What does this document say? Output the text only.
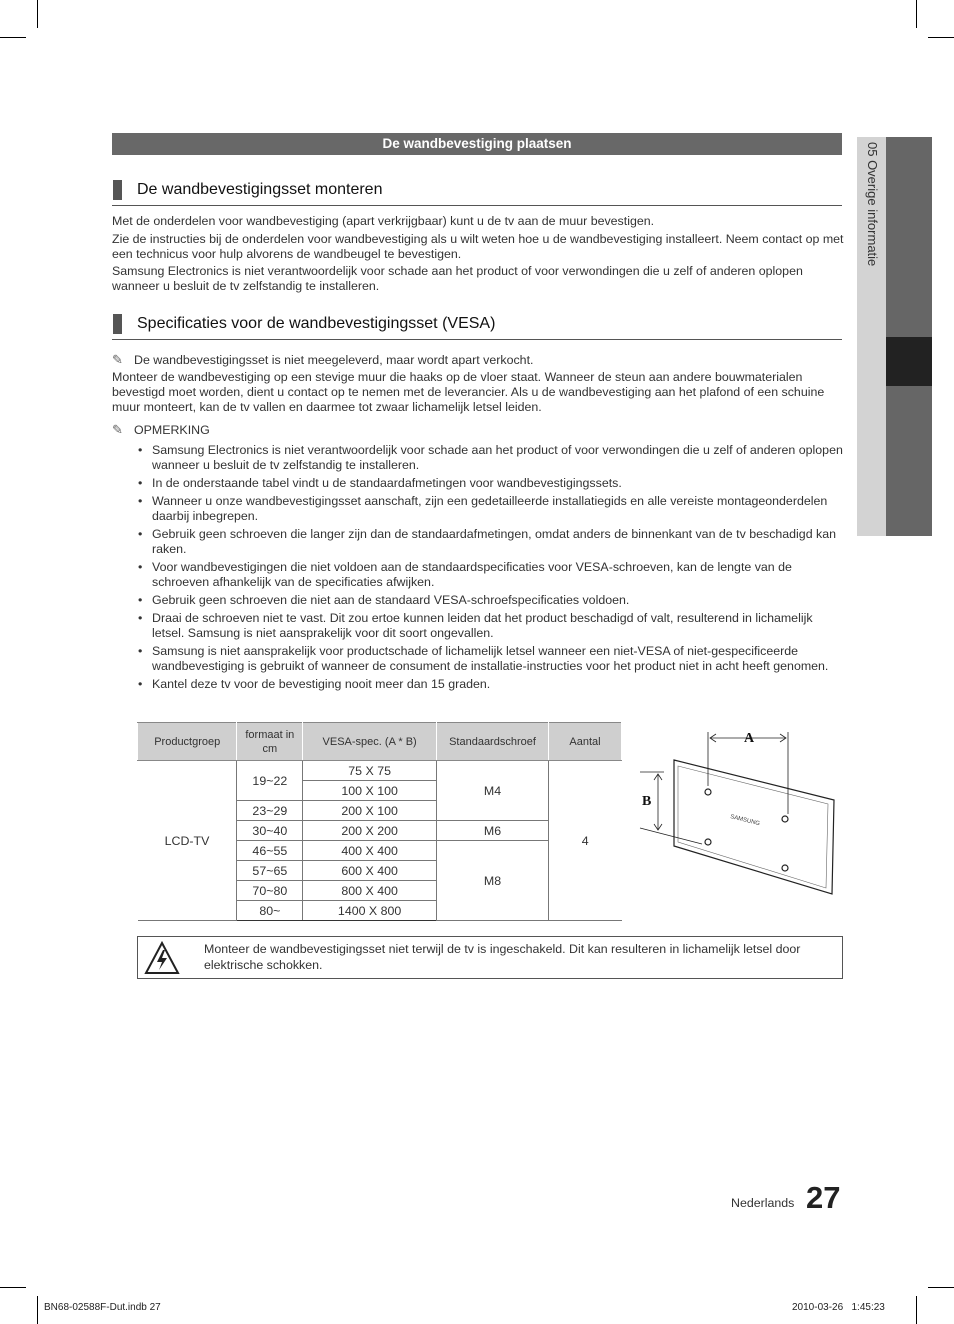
05 Overige informatie
De wandbevestiging plaatsen
De wandbevestigingsset monteren

Met de onderdelen voor wandbevestiging (apart verkrijgbaar) kunt u de tv aan de muur bevestigen.

Zie de instructies bij de onderdelen voor wandbevestiging als u wilt weten hoe u de wandbevestiging installeert. Neem contact op met een technicus voor hulp alvorens de wandbeugel te bevestigen.

Samsung Electronics is niet verantwoordelijk voor schade aan het product of voor verwondingen die u zelf of anderen oplopen wanneer u besluit de tv zelfstandig te installeren.

Specificaties voor de wandbevestigingsset (VESA)

✎ De wandbevestigingsset is niet meegeleverd, maar wordt apart verkocht.

Monteer de wandbevestiging op een stevige muur die haaks op de vloer staat. Wanneer de steun aan andere bouwmaterialen bevestigd moet worden, dient u contact op te nemen met de leverancier. Als u de wandbevestiging aan het plafond of een schuine muur monteert, kan de tv vallen en daarmee tot zwaar lichamelijk letsel leiden.

✎ OPMERKING

• Samsung Electronics is niet verantwoordelijk voor schade aan het product of voor verwondingen die u zelf of anderen oplopen wanneer u besluit de tv zelfstandig te installeren.
• In de onderstaande tabel vindt u de standaardafmetingen voor wandbevestigingssets.
• Wanneer u onze wandbevestigingsset aanschaft, zijn een gedetailleerde installatiegids en alle vereiste montageonderdelen daarbij inbegrepen.
• Gebruik geen schroeven die langer zijn dan de standaardafmetingen, omdat anders de binnenkant van de tv beschadigd kan raken.
• Voor wandbevestigingen die niet voldoen aan de standaardspecificaties voor VESA-schroeven, kan de lengte van de schroeven afhankelijk van de specificaties afwijken.
• Gebruik geen schroeven die niet aan de standaard VESA-schroefspecificaties voldoen.
• Draai de schroeven niet te vast. Dit zou ertoe kunnen leiden dat het product beschadigd of valt, resulterend in lichamelijk letsel. Samsung is niet aansprakelijk voor dit soort ongevallen.
• Samsung is niet aansprakelijk voor productschade of lichamelijk letsel wanneer een niet-VESA of niet-gespecificeerde wandbevestiging is gebruikt of wanneer de consument de installatie-instructies voor het product niet in acht heeft genomen.
• Kantel deze tv voor de bevestiging nooit meer dan 15 graden.
Productgroep	formaat in cm	VESA-spec. (A * B)	Standaardschroef	Aantal
LCD-TV	19~22	75 X 75	M4	4
		100 X 100		
	23~29	200 X 100		
	30~40	200 X 200	M6	
	46~55	400 X 400	M8	
	57~65	600 X 400		
	70~80	800 X 400		
	80~	1400 X 800		
A
B
SAMSUNG
Monteer de wandbevestigingsset niet terwijl de tv is ingeschakeld. Dit kan resulteren in lichamelijk letsel door elektrische schokken.
Nederlands 27
BN68-02588F-Dut.indb 27	2010-03-26   1:45:23
